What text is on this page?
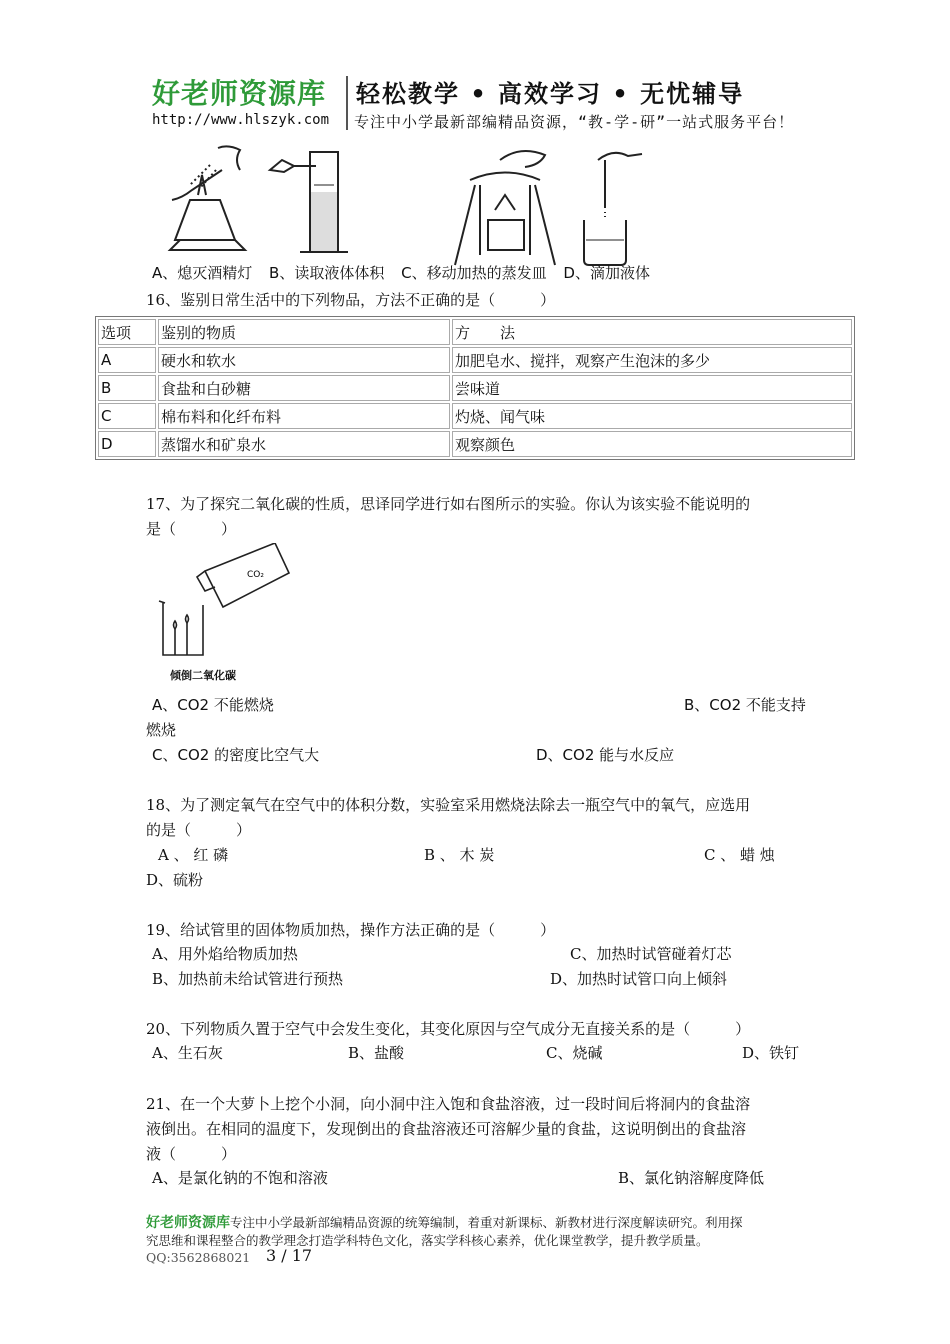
好老师资源库 轻松教学 • 高效学习 • 无忧辅导
http://www.hlszyk.com 专注中小学最新部编精品资源，“教-学-研”一站式服务平台！
A、熄灭酒精灯 B、读取液体体积 C、移动加热的蒸发皿 D、滴加液体
16、鉴别日常生活中的下列物品，方法不正确的是（　　　）
选项	鉴别的物质	方　　法
A	硬水和软水	加肥皂水、搅拌，观察产生泡沫的多少
B	食盐和白砂糖	尝味道
C	棉布料和化纤布料	灼烧、闻气味
D	蒸馏水和矿泉水	观察颜色
17、为了探究二氧化碳的性质，思译同学进行如右图所示的实验。你认为该实验不能说明的
是（　　　）
CO₂
倾倒二氧化碳
A、CO2 不能燃烧	B、CO2 不能支持
燃烧
C、CO2 的密度比空气大	D、CO2 能与水反应
18、为了测定氧气在空气中的体积分数，实验室采用燃烧法除去一瓶空气中的氧气，应选用
的是（　　　）
A 、 红 磷	B 、 木 炭	C 、 蜡 烛
D、硫粉
19、给试管里的固体物质加热，操作方法正确的是（　　　）
A、用外焰给物质加热	C、加热时试管碰着灯芯
B、加热前未给试管进行预热	D、加热时试管口向上倾斜
20、下列物质久置于空气中会发生变化，其变化原因与空气成分无直接关系的是（　　　）
A、生石灰	B、盐酸	C、烧碱	D、铁钉
21、在一个大萝卜上挖个小洞，向小洞中注入饱和食盐溶液，过一段时间后将洞内的食盐溶
液倒出。在相同的温度下，发现倒出的食盐溶液还可溶解少量的食盐，这说明倒出的食盐溶
液（　　　）
A、是氯化钠的不饱和溶液	B、氯化钠溶解度降低
好老师资源库专注中小学最新部编精品资源的统筹编制，着重对新课标、新教材进行深度解读研究。利用探
究思维和课程整合的教学理念打造学科特色文化，落实学科核心素养，优化课堂教学，提升教学质量。
QQ:3562868021 3 / 17
